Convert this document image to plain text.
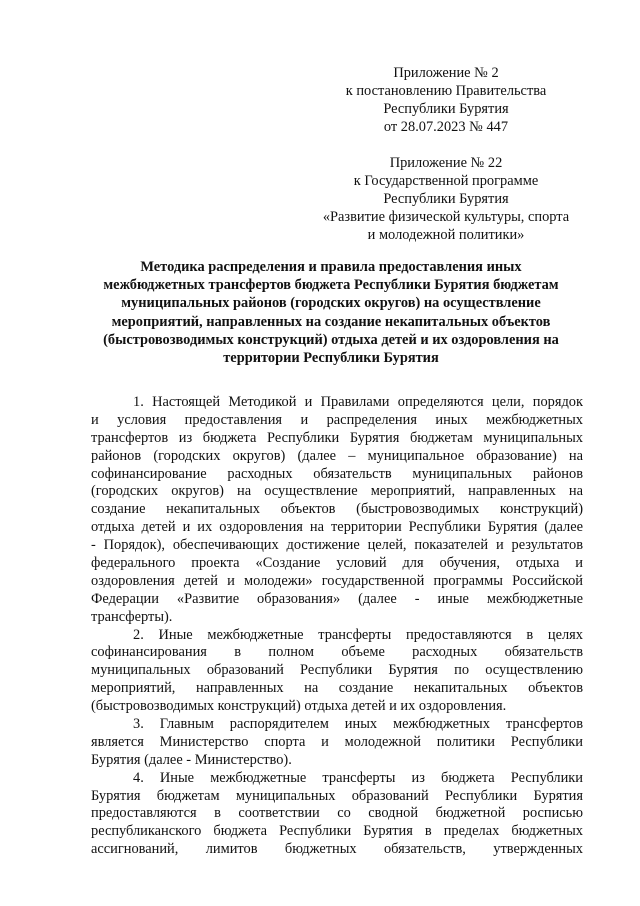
Приложение № 2
к постановлению Правительства
Республики Бурятия
от 28.07.2023 № 447
Приложение № 22
к Государственной программе
Республики Бурятия
«Развитие физической культуры, спорта
и молодежной политики»
Методика распределения и правила предоставления иных
межбюджетных трансфертов бюджета Республики Бурятия бюджетам
муниципальных районов (городских округов) на осуществление
мероприятий, направленных на создание некапитальных объектов
(быстровозводимых конструкций) отдыха детей и их оздоровления на
территории Республики Бурятия
1. Настоящей Методикой и Правилами определяются цели, порядок
и условия предоставления и распределения иных межбюджетных
трансфертов из бюджета Республики Бурятия бюджетам муниципальных
районов (городских округов) (далее – муниципальное образование) на
софинансирование расходных обязательств муниципальных районов
(городских округов) на осуществление мероприятий, направленных на
создание некапитальных объектов (быстровозводимых конструкций)
отдыха детей и их оздоровления на территории Республики Бурятия (далее
- Порядок), обеспечивающих достижение целей, показателей и результатов
федерального проекта «Создание условий для обучения, отдыха и
оздоровления детей и молодежи» государственной программы Российской
Федерации «Развитие образования» (далее - иные межбюджетные
трансферты).
2. Иные межбюджетные трансферты предоставляются в целях
софинансирования в полном объеме расходных обязательств
муниципальных образований Республики Бурятия по осуществлению
мероприятий, направленных на создание некапитальных объектов
(быстровозводимых конструкций) отдыха детей и их оздоровления.
3. Главным распорядителем иных межбюджетных трансфертов
является Министерство спорта и молодежной политики Республики
Бурятия (далее - Министерство).
4. Иные межбюджетные трансферты из бюджета Республики
Бурятия бюджетам муниципальных образований Республики Бурятия
предоставляются в соответствии со сводной бюджетной росписью
республиканского бюджета Республики Бурятия в пределах бюджетных
ассигнований, лимитов бюджетных обязательств, утвержденных
